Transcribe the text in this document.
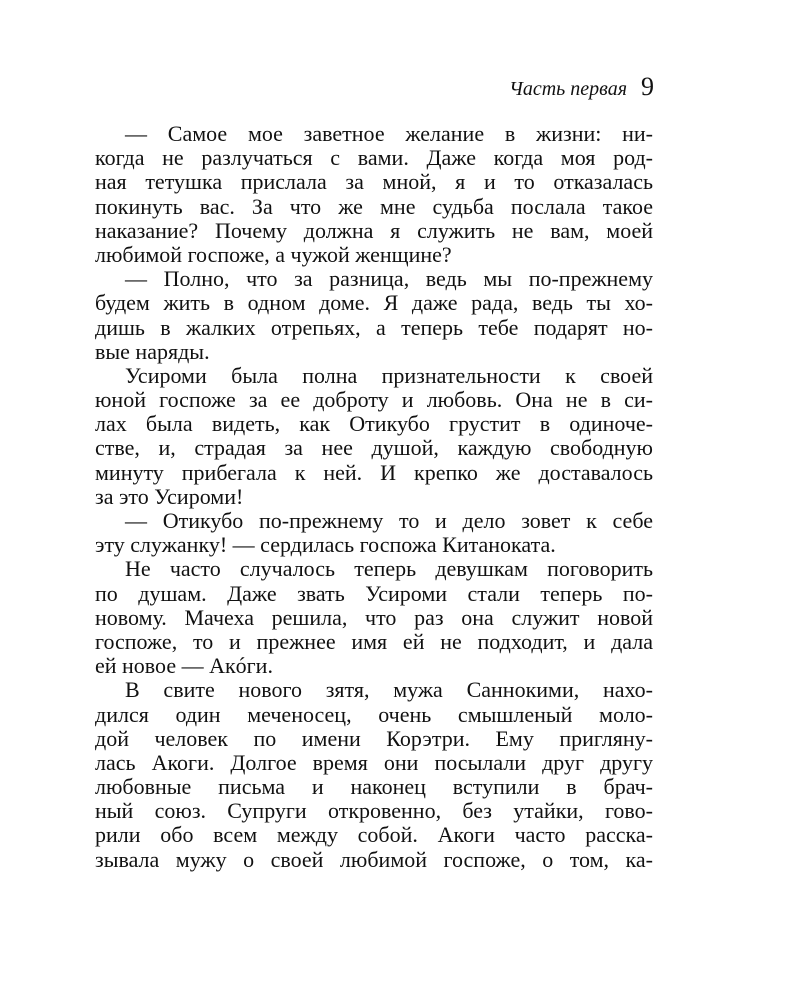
Часть первая 9

— Самое мое заветное желание в жизни: ни-
когда не разлучаться с вами. Даже когда моя род-
ная тетушка прислала за мной, я и то отказалась
покинуть вас. За что же мне судьба послала такое
наказание? Почему должна я служить не вам, моей
любимой госпоже, а чужой женщине?

— Полно, что за разница, ведь мы по-прежнему
будем жить в одном доме. Я даже рада, ведь ты хо-
дишь в жалких отрепьях, а теперь тебе подарят но-
вые наряды.

Усироми была полна признательности к своей
юной госпоже за ее доброту и любовь. Она не в си-
лах была видеть, как Отикубо грустит в одиноче-
стве, и, страдая за нее душой, каждую свободную
минуту прибегала к ней. И крепко же доставалось
за это Усироми!

— Отикубо по-прежнему то и дело зовет к себе
эту служанку! — сердилась госпожа Китаноката.

Не часто случалось теперь девушкам поговорить
по душам. Даже звать Усироми стали теперь по-
новому. Мачеха решила, что раз она служит новой
госпоже, то и прежнее имя ей не подходит, и дала
ей новое — Акóги.

В свите нового зятя, мужа Саннокими, нахо-
дился один меченосец, очень смышленый моло-
дой человек по имени Корэтри. Ему приглянy-
лась Акоги. Долгое время они посылали друг другу
любовные письма и наконец вступили в брач-
ный союз. Супруги откровенно, без утайки, гово-
рили обо всем между собой. Акоги часто расска-
зывала мужу о своей любимой госпоже, о том, ка-
